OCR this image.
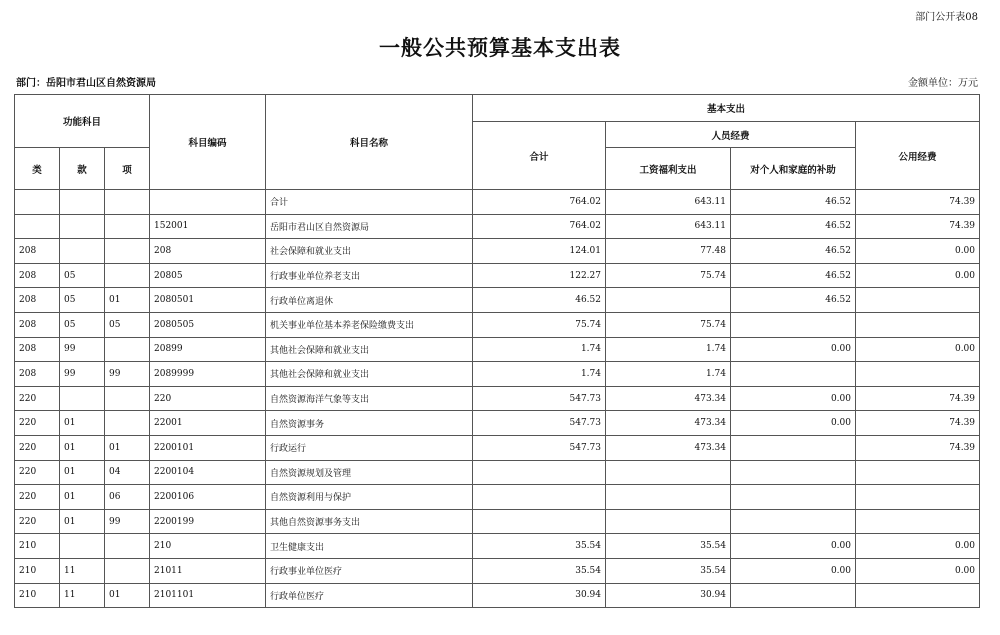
部门公开表08
一般公共预算基本支出表
部门：岳阳市君山区自然资源局	金额单位：万元
功能科目			科目编码	科目名称	基本支出			
					合计	人员经费		公用经费
类	款	项				工资福利支出	对个人和家庭的补助	
				合计	764.02	643.11	46.52	74.39
			152001	岳阳市君山区自然资源局	764.02	643.11	46.52	74.39
208			208	社会保障和就业支出	124.01	77.48	46.52	0.00
208	05		20805	行政事业单位养老支出	122.27	75.74	46.52	0.00
208	05	01	2080501	行政单位离退休	46.52		46.52	
208	05	05	2080505	机关事业单位基本养老保险缴费支出	75.74	75.74		
208	99		20899	其他社会保障和就业支出	1.74	1.74	0.00	0.00
208	99	99	2089999	其他社会保障和就业支出	1.74	1.74		
220			220	自然资源海洋气象等支出	547.73	473.34	0.00	74.39
220	01		22001	自然资源事务	547.73	473.34	0.00	74.39
220	01	01	2200101	行政运行	547.73	473.34		74.39
220	01	04	2200104	自然资源规划及管理				
220	01	06	2200106	自然资源利用与保护				
220	01	99	2200199	其他自然资源事务支出				
210			210	卫生健康支出	35.54	35.54	0.00	0.00
210	11		21011	行政事业单位医疗	35.54	35.54	0.00	0.00
210	11	01	2101101	行政单位医疗	30.94	30.94		
